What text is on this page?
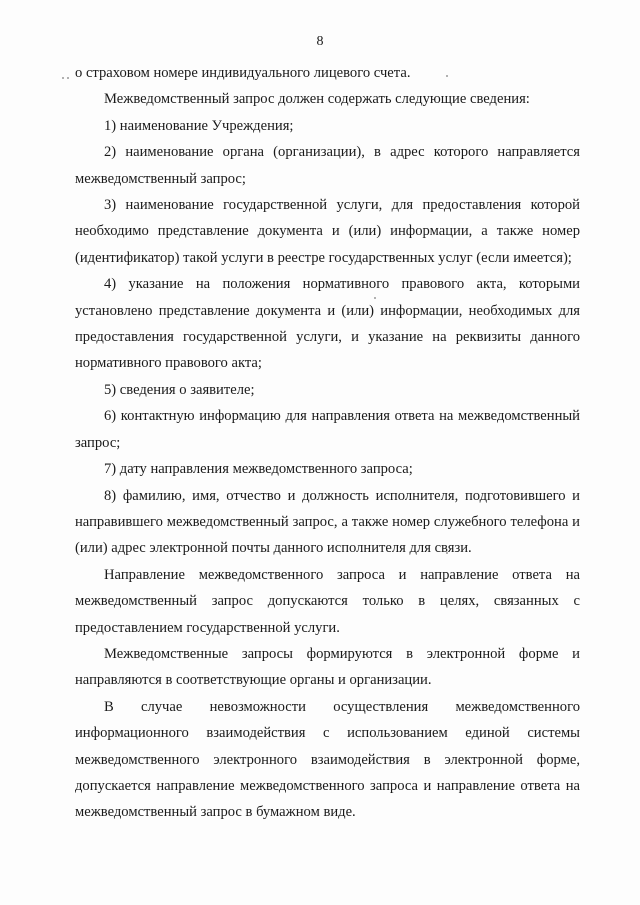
8

о страховом номере индивидуального лицевого счета.

Межведомственный запрос должен содержать следующие сведения:

1) наименование Учреждения;

2) наименование органа (организации), в адрес которого направляется межведомственный запрос;

3) наименование государственной услуги, для предоставления которой необходимо представление документа и (или) информации, а также номер (идентификатор) такой услуги в реестре государственных услуг (если имеется);

4) указание на положения нормативного правового акта, которыми установлено представление документа и (или) информации, необходимых для предоставления государственной услуги, и указание на реквизиты данного нормативного правового акта;

5) сведения о заявителе;

6) контактную информацию для направления ответа на межведомственный запрос;

7) дату направления межведомственного запроса;

8) фамилию, имя, отчество и должность исполнителя, подготовившего и направившего межведомственный запрос, а также номер служебного телефона и (или) адрес электронной почты данного исполнителя для связи.

Направление межведомственного запроса и направление ответа на межведомственный запрос допускаются только в целях, связанных с предоставлением государственной услуги.

Межведомственные запросы формируются в электронной форме и направляются в соответствующие органы и организации.

В случае невозможности осуществления межведомственного информационного взаимодействия с использованием единой системы межведомственного электронного взаимодействия в электронной форме, допускается направление межведомственного запроса и направление ответа на межведомственный запрос в бумажном виде.
